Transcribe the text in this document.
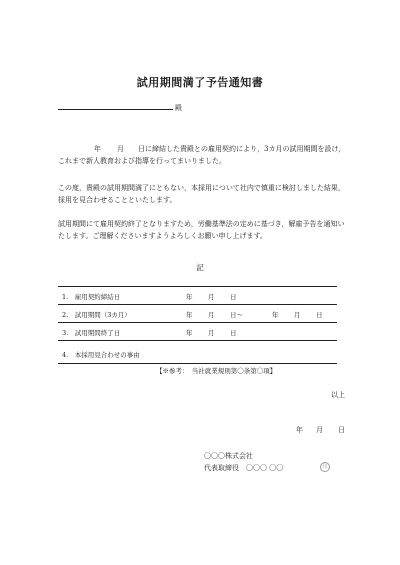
試用期間満了予告通知書
殿
年 月 日に締結した貴殿との雇用契約により，3カ月の試用期間を設け，
これまで新人教育および指導を行ってまいりました。
この度，貴殿の試用期間満了にともない，本採用について社内で慎重に検討しました結果，
採用を見合わせることといたします。
試用期間にて雇用契約終了となりますため，労働基準法の定めに基づき，解雇予告を通知い
たします。ご理解くださいますようよろしくお願い申し上げます。
記
1.　雇用契約締結日	年 月 日
2.　試用期間（3カ月）	年 月 日〜	年 月 日
3.　試用期間終了日	年 月 日
4.　本採用見合わせの事由
【※参考：　当社就業規則第〇条第〇項】
以上
年 月 日
〇〇〇株式会社
代表取締役　〇〇〇 〇〇	印
